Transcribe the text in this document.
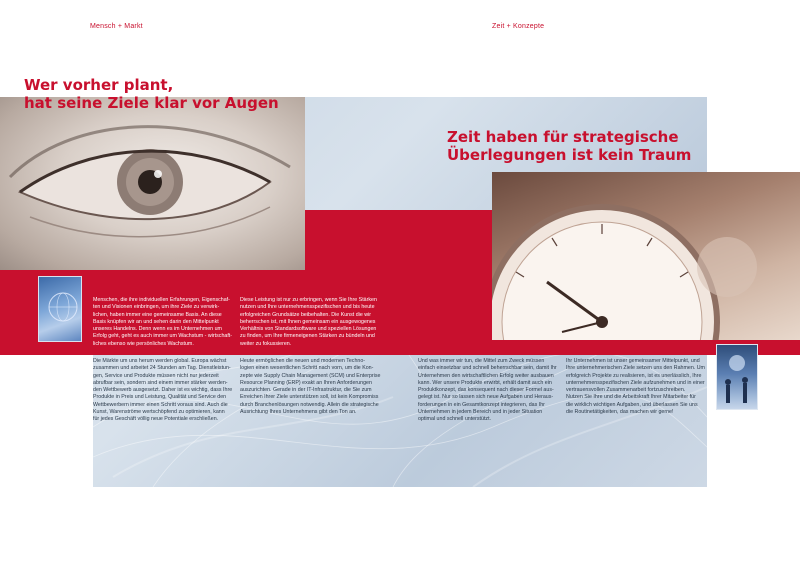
Mensch + Markt	Zeit + Konzepte
Wer vorher plant,
hat seine Ziele klar vor Augen
Zeit haben für strategische
Überlegungen ist kein Traum
Menschen, die ihre individuellen Erfahrungen, Eigenschaf-
ten und Visionen einbringen, um ihre Ziele zu verwirk-
lichen, haben immer eine gemeinsame Basis. An diese
Basis knüpfen wir an und sehen darin den Mittelpunkt
unseres Handelns. Denn wenn es im Unternehmen um
Erfolg geht, geht es auch immer um Wachstum - wirtschaft-
liches ebenso wie persönliches Wachstum.
Die Märkte um uns herum werden global. Europa wächst
zusammen und arbeitet 24 Stunden am Tag. Dienstleistun-
gen, Service und Produkte müssen nicht nur jederzeit
abrufbar sein, sondern sind einem immer stärker werden-
den Wettbewerb ausgesetzt. Daher ist es wichtig, dass Ihre
Produkte in Preis und Leistung, Qualität und Service den
Wettbewerbern immer einen Schritt voraus sind. Auch die
Kunst, Warenströme wertschöpfend zu optimieren, kann
für jedes Geschäft völlig neue Potentiale erschließen.
Diese Leistung ist nur zu erbringen, wenn Sie Ihre Stärken
nutzen und Ihre unternehmensspezifischen und bis heute
erfolgreichen Grundsätze beibehalten. Die Kunst die wir
beherrschen ist, mit Ihnen gemeinsam ein ausgewogenes
Verhältnis von Standardsoftware und speziellen Lösungen
zu finden, um Ihre firmeneigenen Stärken zu bündeln und
weiter zu fokussieren.
Heute ermöglichen die neuen und modernen Techno-
logien einen wesentlichen Schritt nach vorn, um die Kon-
zepte wie Supply Chain Management (SCM) und Enterprise
Resource Planning (ERP) exakt an Ihren Anforderungen
auszurichten. Gerade in der IT-Infrastruktur, die Sie zum
Erreichen Ihrer Ziele unterstützen soll, ist kein Kompromiss
durch Branchenlösungen notwendig. Allein die strategische
Ausrichtung Ihres Unternehmens gibt den Ton an.
Und was immer wir tun, die Mittel zum Zweck müssen
einfach einsetzbar und schnell beherrschbar sein, damit Ihr
Unternehmen den wirtschaftlichen Erfolg weiter ausbauen
kann. Wer unsere Produkte erwirbt, erhält damit auch ein
Produktkonzept, das konsequent nach dieser Formel aus-
gelegt ist. Nur so lassen sich neue Aufgaben und Heraus-
forderungen in ein Gesamtkonzept integrieren, das Ihr
Unternehmen in jedem Bereich und in jeder Situation
optimal und schnell unterstützt.
Ihr Unternehmen ist unser gemeinsamer Mittelpunkt, und
Ihre unternehmerischen Ziele setzen uns den Rahmen. Um
erfolgreich Projekte zu realisieren, ist es unerlässlich, Ihre
unternehmensspezifischen Ziele aufzunehmen und in einer
vertrauensvollen Zusammenarbeit fortzuschreiben.
Nutzen Sie Ihre und die Arbeitskraft Ihrer Mitarbeiter für
die wirklich wichtigen Aufgaben, und überlassen Sie uns
die Routinetätigkeiten, das machen wir gerne!
